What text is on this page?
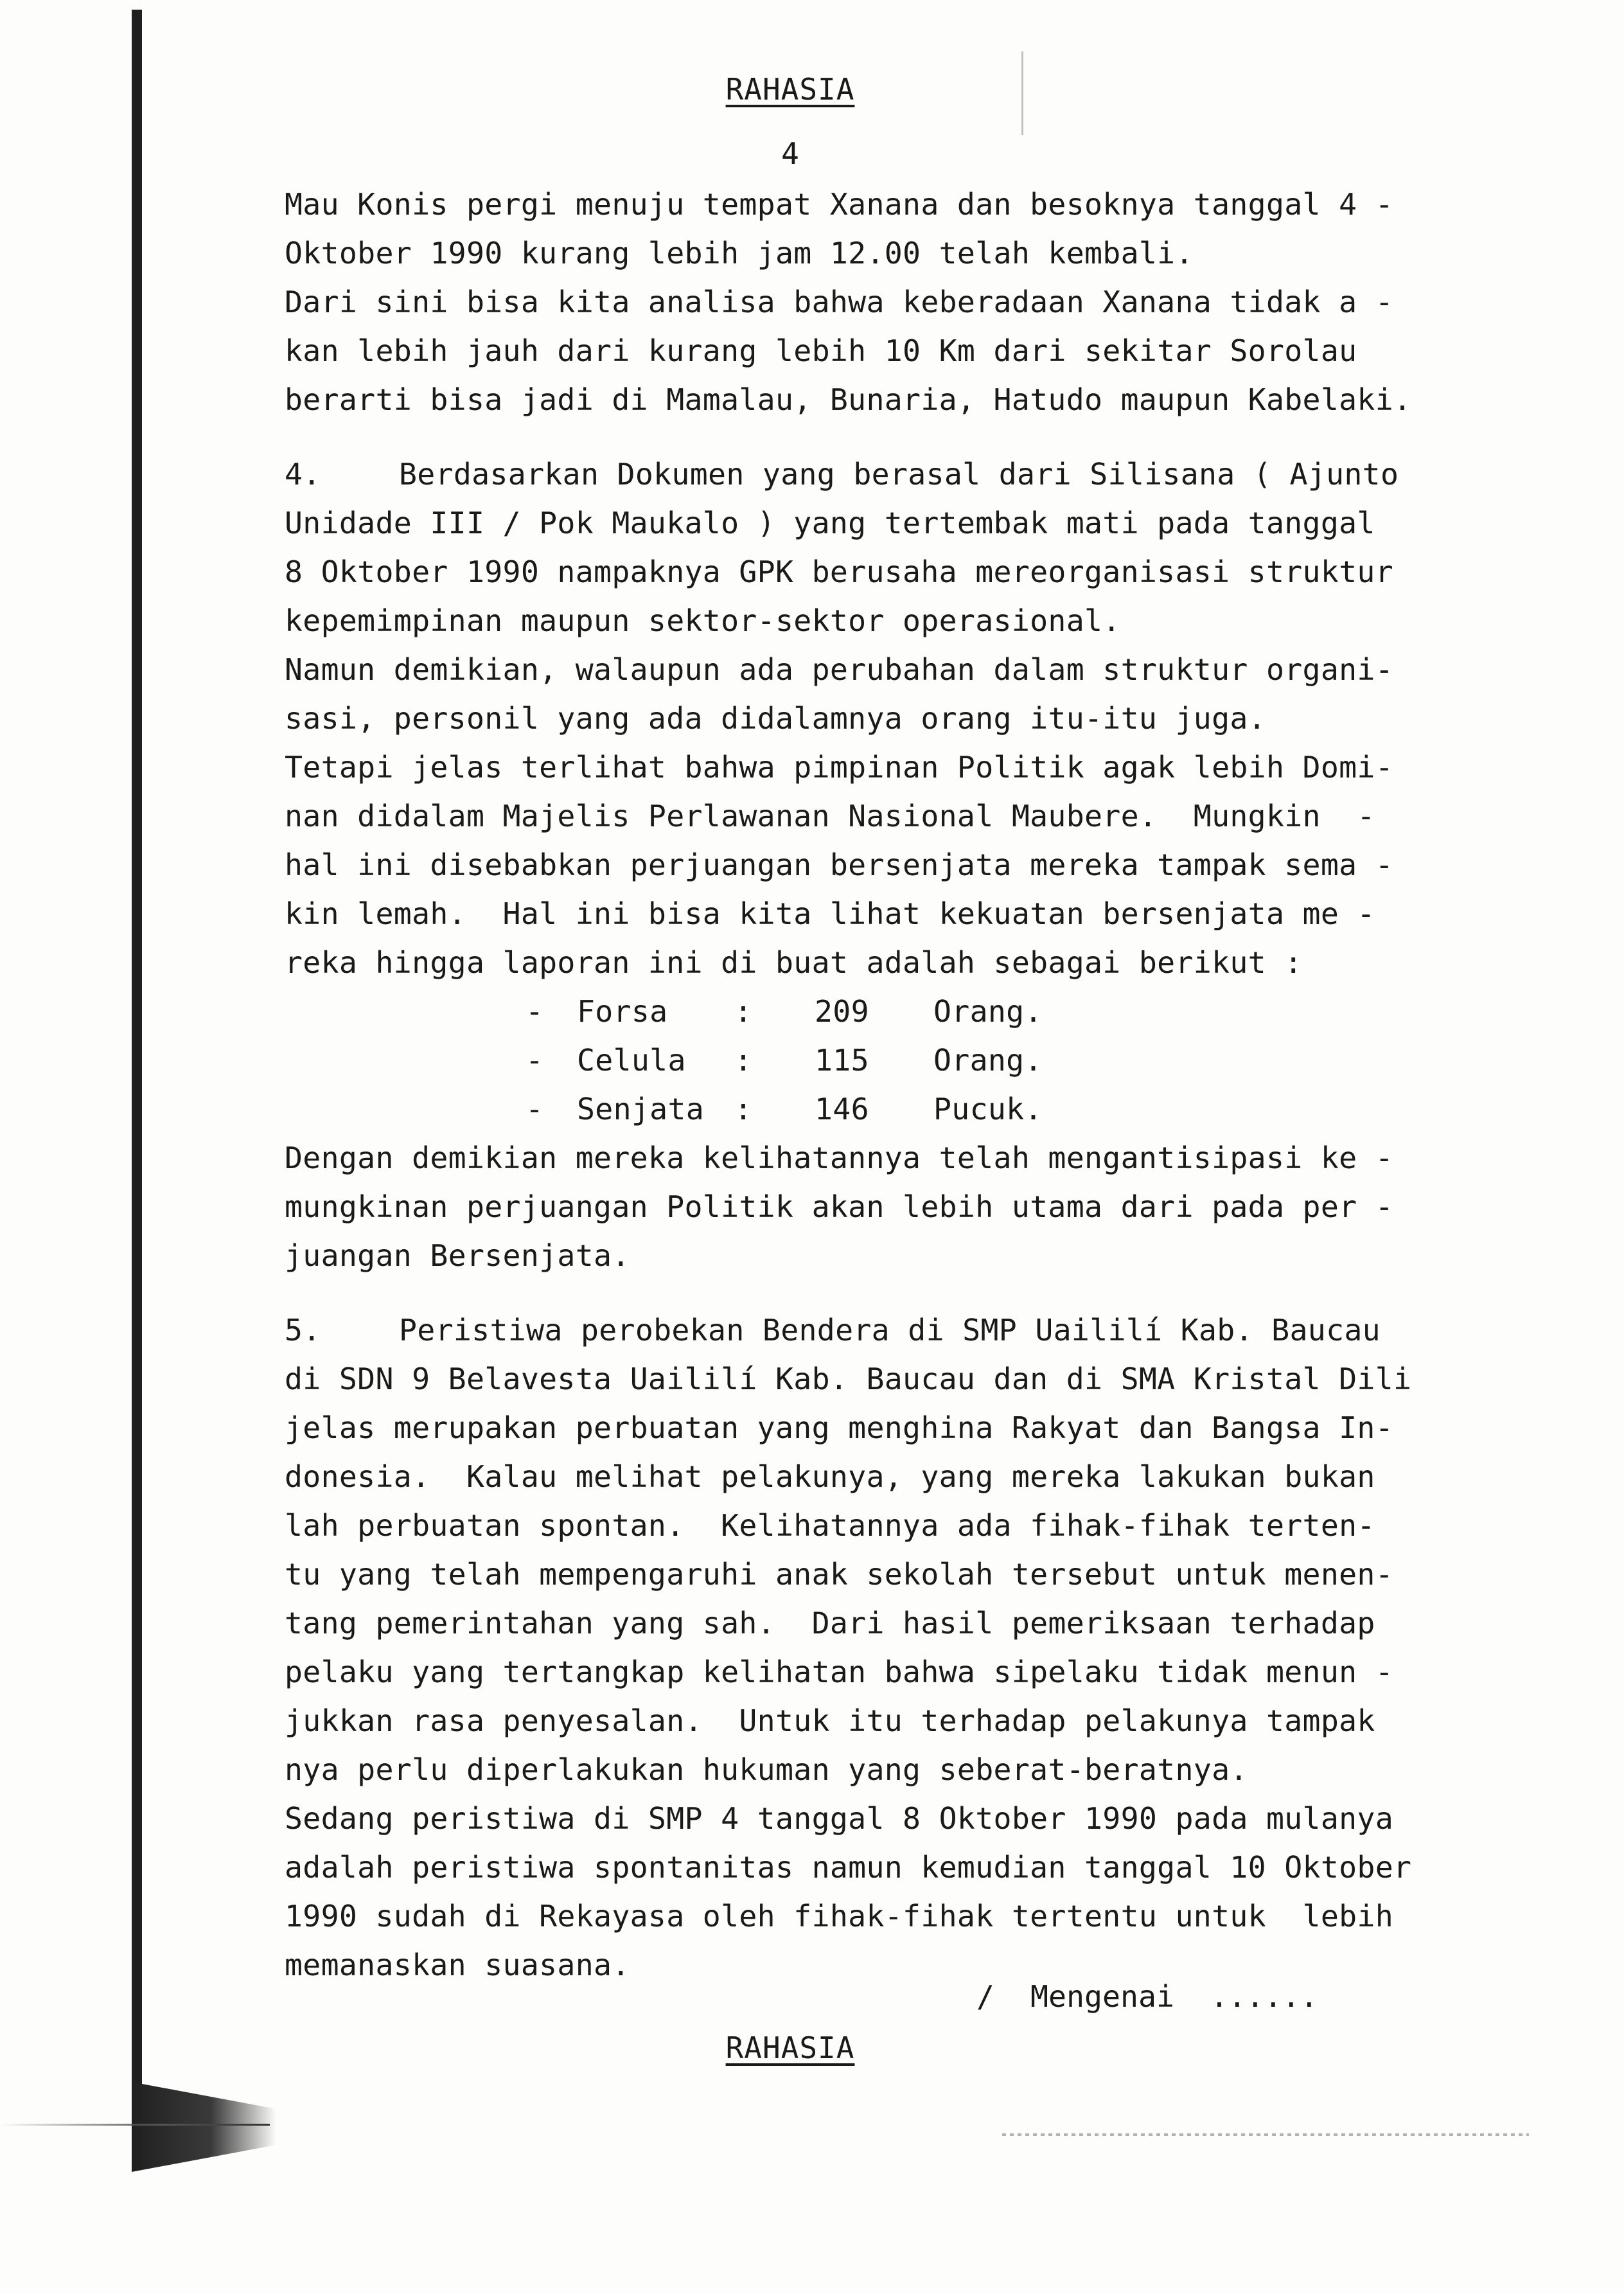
RAHASIA
4
Mau Konis pergi menuju tempat Xanana dan besoknya tanggal 4 -
Oktober 1990 kurang lebih jam 12.00 telah kembali.
Dari sini bisa kita analisa bahwa keberadaan Xanana tidak a -
kan lebih jauh dari kurang lebih 10 Km dari sekitar Sorolau
berarti bisa jadi di Mamalau, Bunaria, Hatudo maupun Kabelaki.
4.	Berdasarkan Dokumen yang berasal dari Silisana ( Ajunto
Unidade III / Pok Maukalo ) yang tertembak mati pada tanggal
8 Oktober 1990 nampaknya GPK berusaha mereorganisasi struktur
kepemimpinan maupun sektor-sektor operasional.
Namun demikian, walaupun ada perubahan dalam struktur organi-
sasi, personil yang ada didalamnya orang itu-itu juga.
Tetapi jelas terlihat bahwa pimpinan Politik agak lebih Domi-
nan didalam Majelis Perlawanan Nasional Maubere.  Mungkin  -
hal ini disebabkan perjuangan bersenjata mereka tampak sema -
kin lemah.  Hal ini bisa kita lihat kekuatan bersenjata me -
reka hingga laporan ini di buat adalah sebagai berikut :
- Forsa : 209 Orang.
- Celula : 115 Orang.
- Senjata : 146 Pucuk.
Dengan demikian mereka kelihatannya telah mengantisipasi ke -
mungkinan perjuangan Politik akan lebih utama dari pada per -
juangan Bersenjata.
5.	Peristiwa perobekan Bendera di SMP Uaililí Kab. Baucau
di SDN 9 Belavesta Uaililí Kab. Baucau dan di SMA Kristal Dili
jelas merupakan perbuatan yang menghina Rakyat dan Bangsa In-
donesia.  Kalau melihat pelakunya, yang mereka lakukan bukan
lah perbuatan spontan.  Kelihatannya ada fihak-fihak terten-
tu yang telah mempengaruhi anak sekolah tersebut untuk menen-
tang pemerintahan yang sah.  Dari hasil pemeriksaan terhadap
pelaku yang tertangkap kelihatan bahwa sipelaku tidak menun -
jukkan rasa penyesalan.  Untuk itu terhadap pelakunya tampak
nya perlu diperlakukan hukuman yang seberat-beratnya.
Sedang peristiwa di SMP 4 tanggal 8 Oktober 1990 pada mulanya
adalah peristiwa spontanitas namun kemudian tanggal 10 Oktober
1990 sudah di Rekayasa oleh fihak-fihak tertentu untuk  lebih
memanaskan suasana.
/  Mengenai  ......
RAHASIA
